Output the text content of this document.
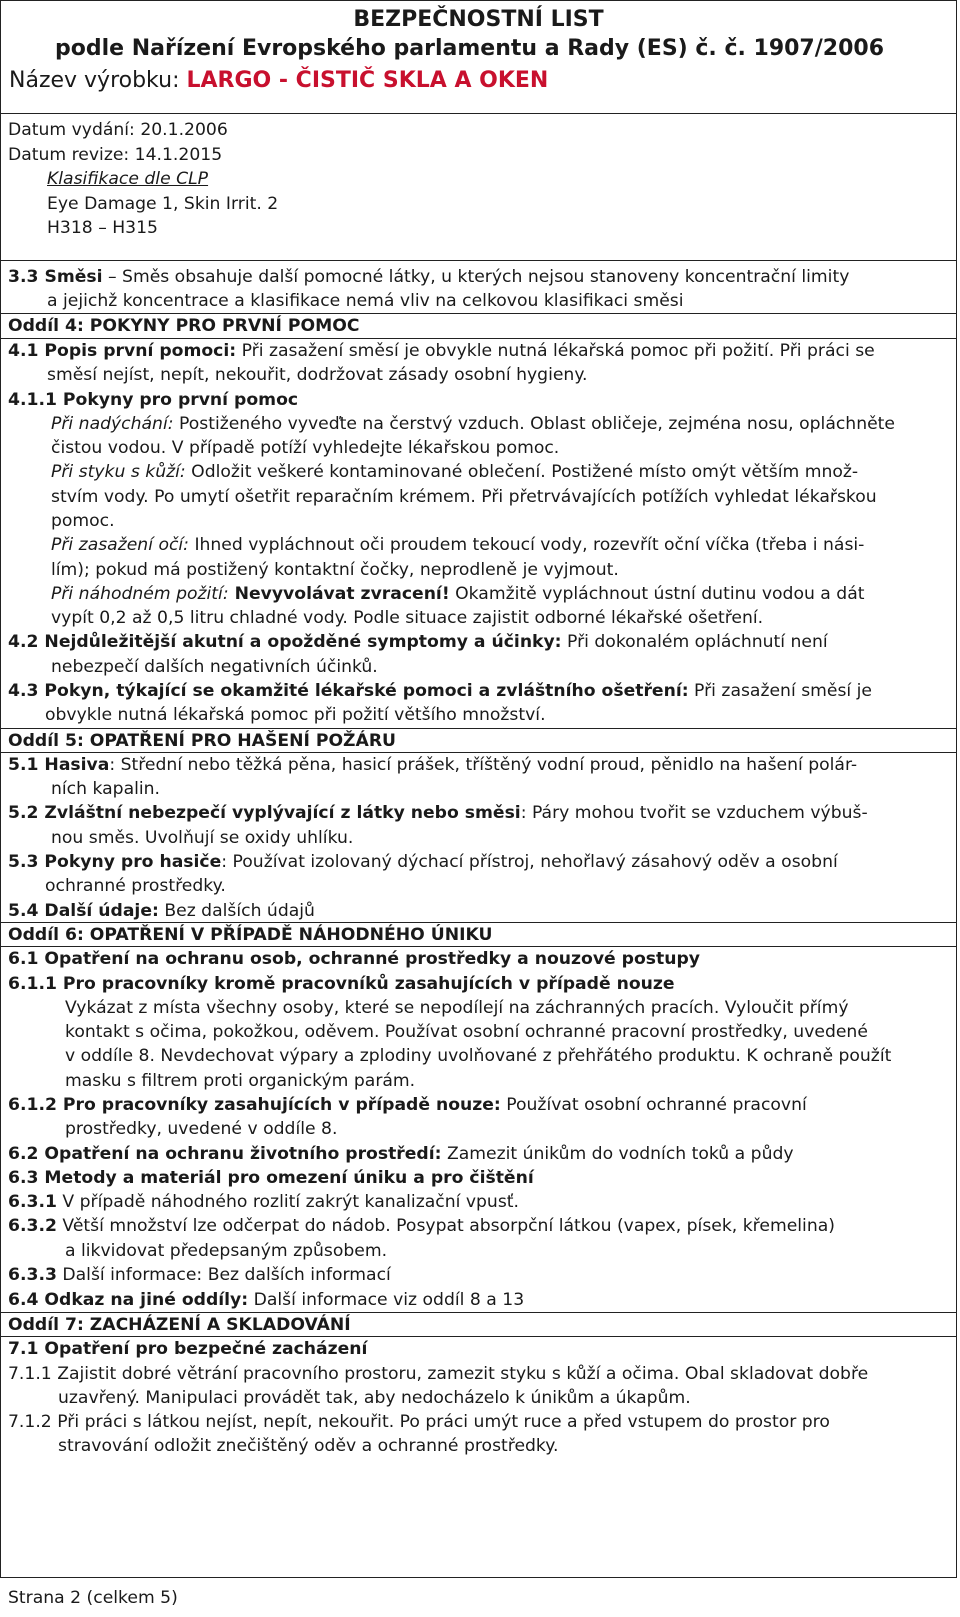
BEZPEČNOSTNÍ LIST
podle Nařízení Evropského parlamentu a Rady (ES) č. č. 1907/2006
Název výrobku: LARGO - ČISTIČ SKLA A OKEN
Datum vydání: 20.1.2006
Datum revize: 14.1.2015
Klasifikace dle CLP
Eye Damage 1, Skin Irrit. 2
H318 – H315
3.3 Směsi – Směs obsahuje další pomocné látky, u kterých nejsou stanoveny koncentrační limity
a jejichž koncentrace a klasifikace nemá vliv na celkovou klasifikaci směsi
Oddíl 4: POKYNY PRO PRVNÍ POMOC
4.1 Popis první pomoci: Při zasažení směsí je obvykle nutná lékařská pomoc při požití. Při práci se
směsí nejíst, nepít, nekouřit, dodržovat zásady osobní hygieny.
4.1.1 Pokyny pro první pomoc
Při nadýchání: Postiženého vyveďte na čerstvý vzduch. Oblast obličeje, zejména nosu, opláchněte
čistou vodou. V případě potíží vyhledejte lékařskou pomoc.
Při styku s kůží: Odložit veškeré kontaminované oblečení. Postižené místo omýt větším množ-
stvím vody. Po umytí ošetřit reparačním krémem. Při přetrvávajících potížích vyhledat lékařskou
pomoc.
Při zasažení očí: Ihned vypláchnout oči proudem tekoucí vody, rozevřít oční víčka (třeba i nási-
lím); pokud má postižený kontaktní čočky, neprodleně je vyjmout.
Při náhodném požití: Nevyvolávat zvracení! Okamžitě vypláchnout ústní dutinu vodou a dát
vypít 0,2 až 0,5 litru chladné vody. Podle situace zajistit odborné lékařské ošetření.
4.2 Nejdůležitější akutní a opožděné symptomy a účinky: Při dokonalém opláchnutí není
nebezpečí dalších negativních účinků.
4.3 Pokyn, týkající se okamžité lékařské pomoci a zvláštního ošetření: Při zasažení směsí je
obvykle nutná lékařská pomoc při požití většího množství.
Oddíl 5: OPATŘENÍ PRO HAŠENÍ POŽÁRU
5.1 Hasiva: Střední nebo těžká pěna, hasicí prášek, tříštěný vodní proud, pěnidlo na hašení polár-
ních kapalin.
5.2 Zvláštní nebezpečí vyplývající z látky nebo směsi: Páry mohou tvořit se vzduchem výbuš-
nou směs. Uvolňují se oxidy uhlíku.
5.3 Pokyny pro hasiče: Používat izolovaný dýchací přístroj, nehořlavý zásahový oděv a osobní
ochranné prostředky.
5.4 Další údaje: Bez dalších údajů
Oddíl 6: OPATŘENÍ V PŘÍPADĚ NÁHODNÉHO ÚNIKU
6.1 Opatření na ochranu osob, ochranné prostředky a nouzové postupy
6.1.1 Pro pracovníky kromě pracovníků zasahujících v případě nouze
Vykázat z místa všechny osoby, které se nepodílejí na záchranných pracích. Vyloučit přímý
kontakt s očima, pokožkou, oděvem. Používat osobní ochranné pracovní prostředky, uvedené
v oddíle 8. Nevdechovat výpary a zplodiny uvolňované z přehřátého produktu. K ochraně použít
masku s filtrem proti organickým parám.
6.1.2 Pro pracovníky zasahujících v případě nouze: Používat osobní ochranné pracovní
prostředky, uvedené v oddíle 8.
6.2 Opatření na ochranu životního prostředí: Zamezit únikům do vodních toků a půdy
6.3 Metody a materiál pro omezení úniku a pro čištění
6.3.1 V případě náhodného rozlití zakrýt kanalizační vpusť.
6.3.2 Větší množství lze odčerpat do nádob. Posypat absorpční látkou (vapex, písek, křemelina)
a likvidovat předepsaným způsobem.
6.3.3 Další informace: Bez dalších informací
6.4 Odkaz na jiné oddíly: Další informace viz oddíl 8 a 13
Oddíl 7: ZACHÁZENÍ A SKLADOVÁNÍ
7.1 Opatření pro bezpečné zacházení
7.1.1 Zajistit dobré větrání pracovního prostoru, zamezit styku s kůží a očima. Obal skladovat dobře
uzavřený. Manipulaci provádět tak, aby nedocházelo k únikům a úkapům.
7.1.2 Při práci s látkou nejíst, nepít, nekouřit. Po práci umýt ruce a před vstupem do prostor pro
stravování odložit znečištěný oděv a ochranné prostředky.
Strana 2 (celkem 5)
